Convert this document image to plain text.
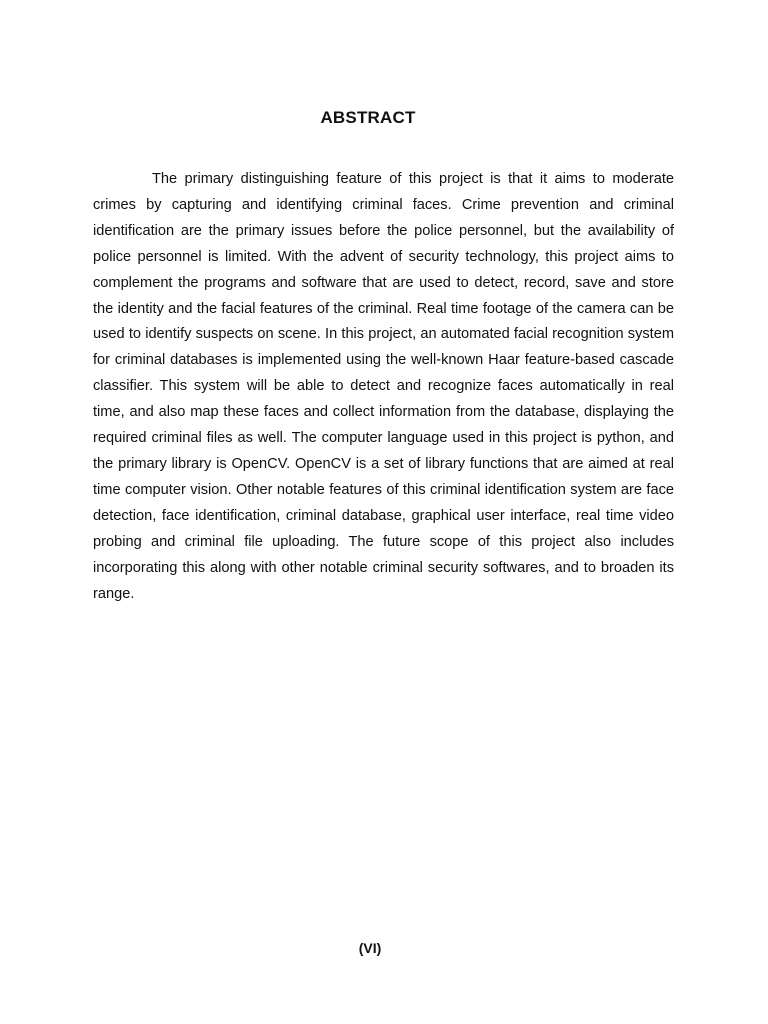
ABSTRACT

The primary distinguishing feature of this project is that it aims to moderate crimes by capturing and identifying criminal faces. Crime prevention and criminal identification are the primary issues before the police personnel, but the availability of police personnel is limited. With the advent of security technology, this project aims to complement the programs and software that are used to detect, record, save and store the identity and the facial features of the criminal. Real time footage of the camera can be used to identify suspects on scene. In this project, an automated facial recognition system for criminal databases is implemented using the well-known Haar feature-based cascade classifier. This system will be able to detect and recognize faces automatically in real time, and also map these faces and collect information from the database, displaying the required criminal files as well. The computer language used in this project is python, and the primary library is OpenCV. OpenCV is a set of library functions that are aimed at real time computer vision. Other notable features of this criminal identification system are face detection, face identification, criminal database, graphical user interface, real time video probing and criminal file uploading. The future scope of this project also includes incorporating this along with other notable criminal security softwares, and to broaden its range.

(VI)
